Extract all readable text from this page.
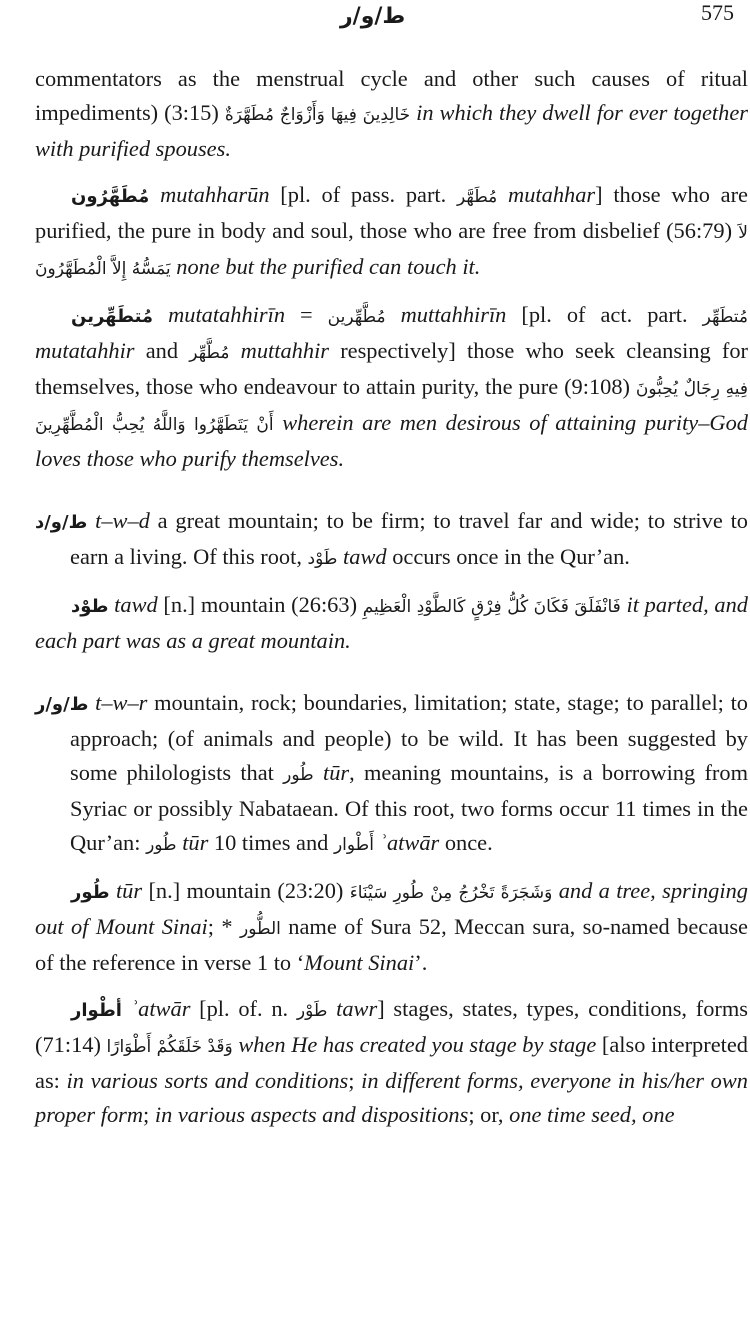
ط/و/ر	575

commentators as the menstrual cycle and other such causes of ritual impediments) (3:15) خَالِدِينَ فِيهَا وَأَزْوَاجٌ مُطَهَّرَةٌ in which they dwell for ever together with purified spouses.

مُطَهَّرُون mutahharūn [pl. of pass. part. مُطَهَّر mutahhar] those who are purified, the pure in body and soul, those who are free from disbelief (56:79) لاَ يَمَسُّهُ إِلاَّ الْمُطَهَّرُونَ none but the purified can touch it.

مُتطَهِّرين mutatahhirīn = مُطَّهِّرين muttahhirīn [pl. of act. part. مُتطَهِّر mutatahhir and مُطَّهِّر muttahhir respectively] those who seek cleansing for themselves, those who endeavour to attain purity, the pure (9:108) فِيهِ رِجَالٌ يُحِبُّونَ أَنْ يَتَطَهَّرُوا وَاللَّهُ يُحِبُّ الْمُطَّهِّرِينَ wherein are men desirous of attaining purity–God loves those who purify themselves.

ط/و/د t–w–d a great mountain; to be firm; to travel far and wide; to strive to earn a living. Of this root, طَوْد tawd occurs once in the Qur’an.

طوْد tawd [n.] mountain (26:63) فَانْفَلَقَ فَكَانَ كُلُّ فِرْقٍ كَالطَّوْدِ الْعَظِيمِ it parted, and each part was as a great mountain.

ط/و/ر t–w–r mountain, rock; boundaries, limitation; state, stage; to parallel; to approach; (of animals and people) to be wild. It has been suggested by some philologists that طُور tūr, meaning mountains, is a borrowing from Syriac or possibly Nabataean. Of this root, two forms occur 11 times in the Qur’an: طُور tūr 10 times and أَطْوار ʾatwār once.

طُور tūr [n.] mountain (23:20) وَشَجَرَةً تَخْرُجُ مِنْ طُورِ سَيْنَاءَ and a tree, springing out of Mount Sinai; * الطُّور name of Sura 52, Meccan sura, so-named because of the reference in verse 1 to ‘Mount Sinai’.

أطْوار ʾatwār [pl. of. n. طَوْر tawr] stages, states, types, conditions, forms (71:14) وَقَدْ خَلَقَكُمْ أَطْوَارًا when He has created you stage by stage [also interpreted as: in various sorts and conditions; in different forms, everyone in his/her own proper form; in various aspects and dispositions; or, one time seed, one
